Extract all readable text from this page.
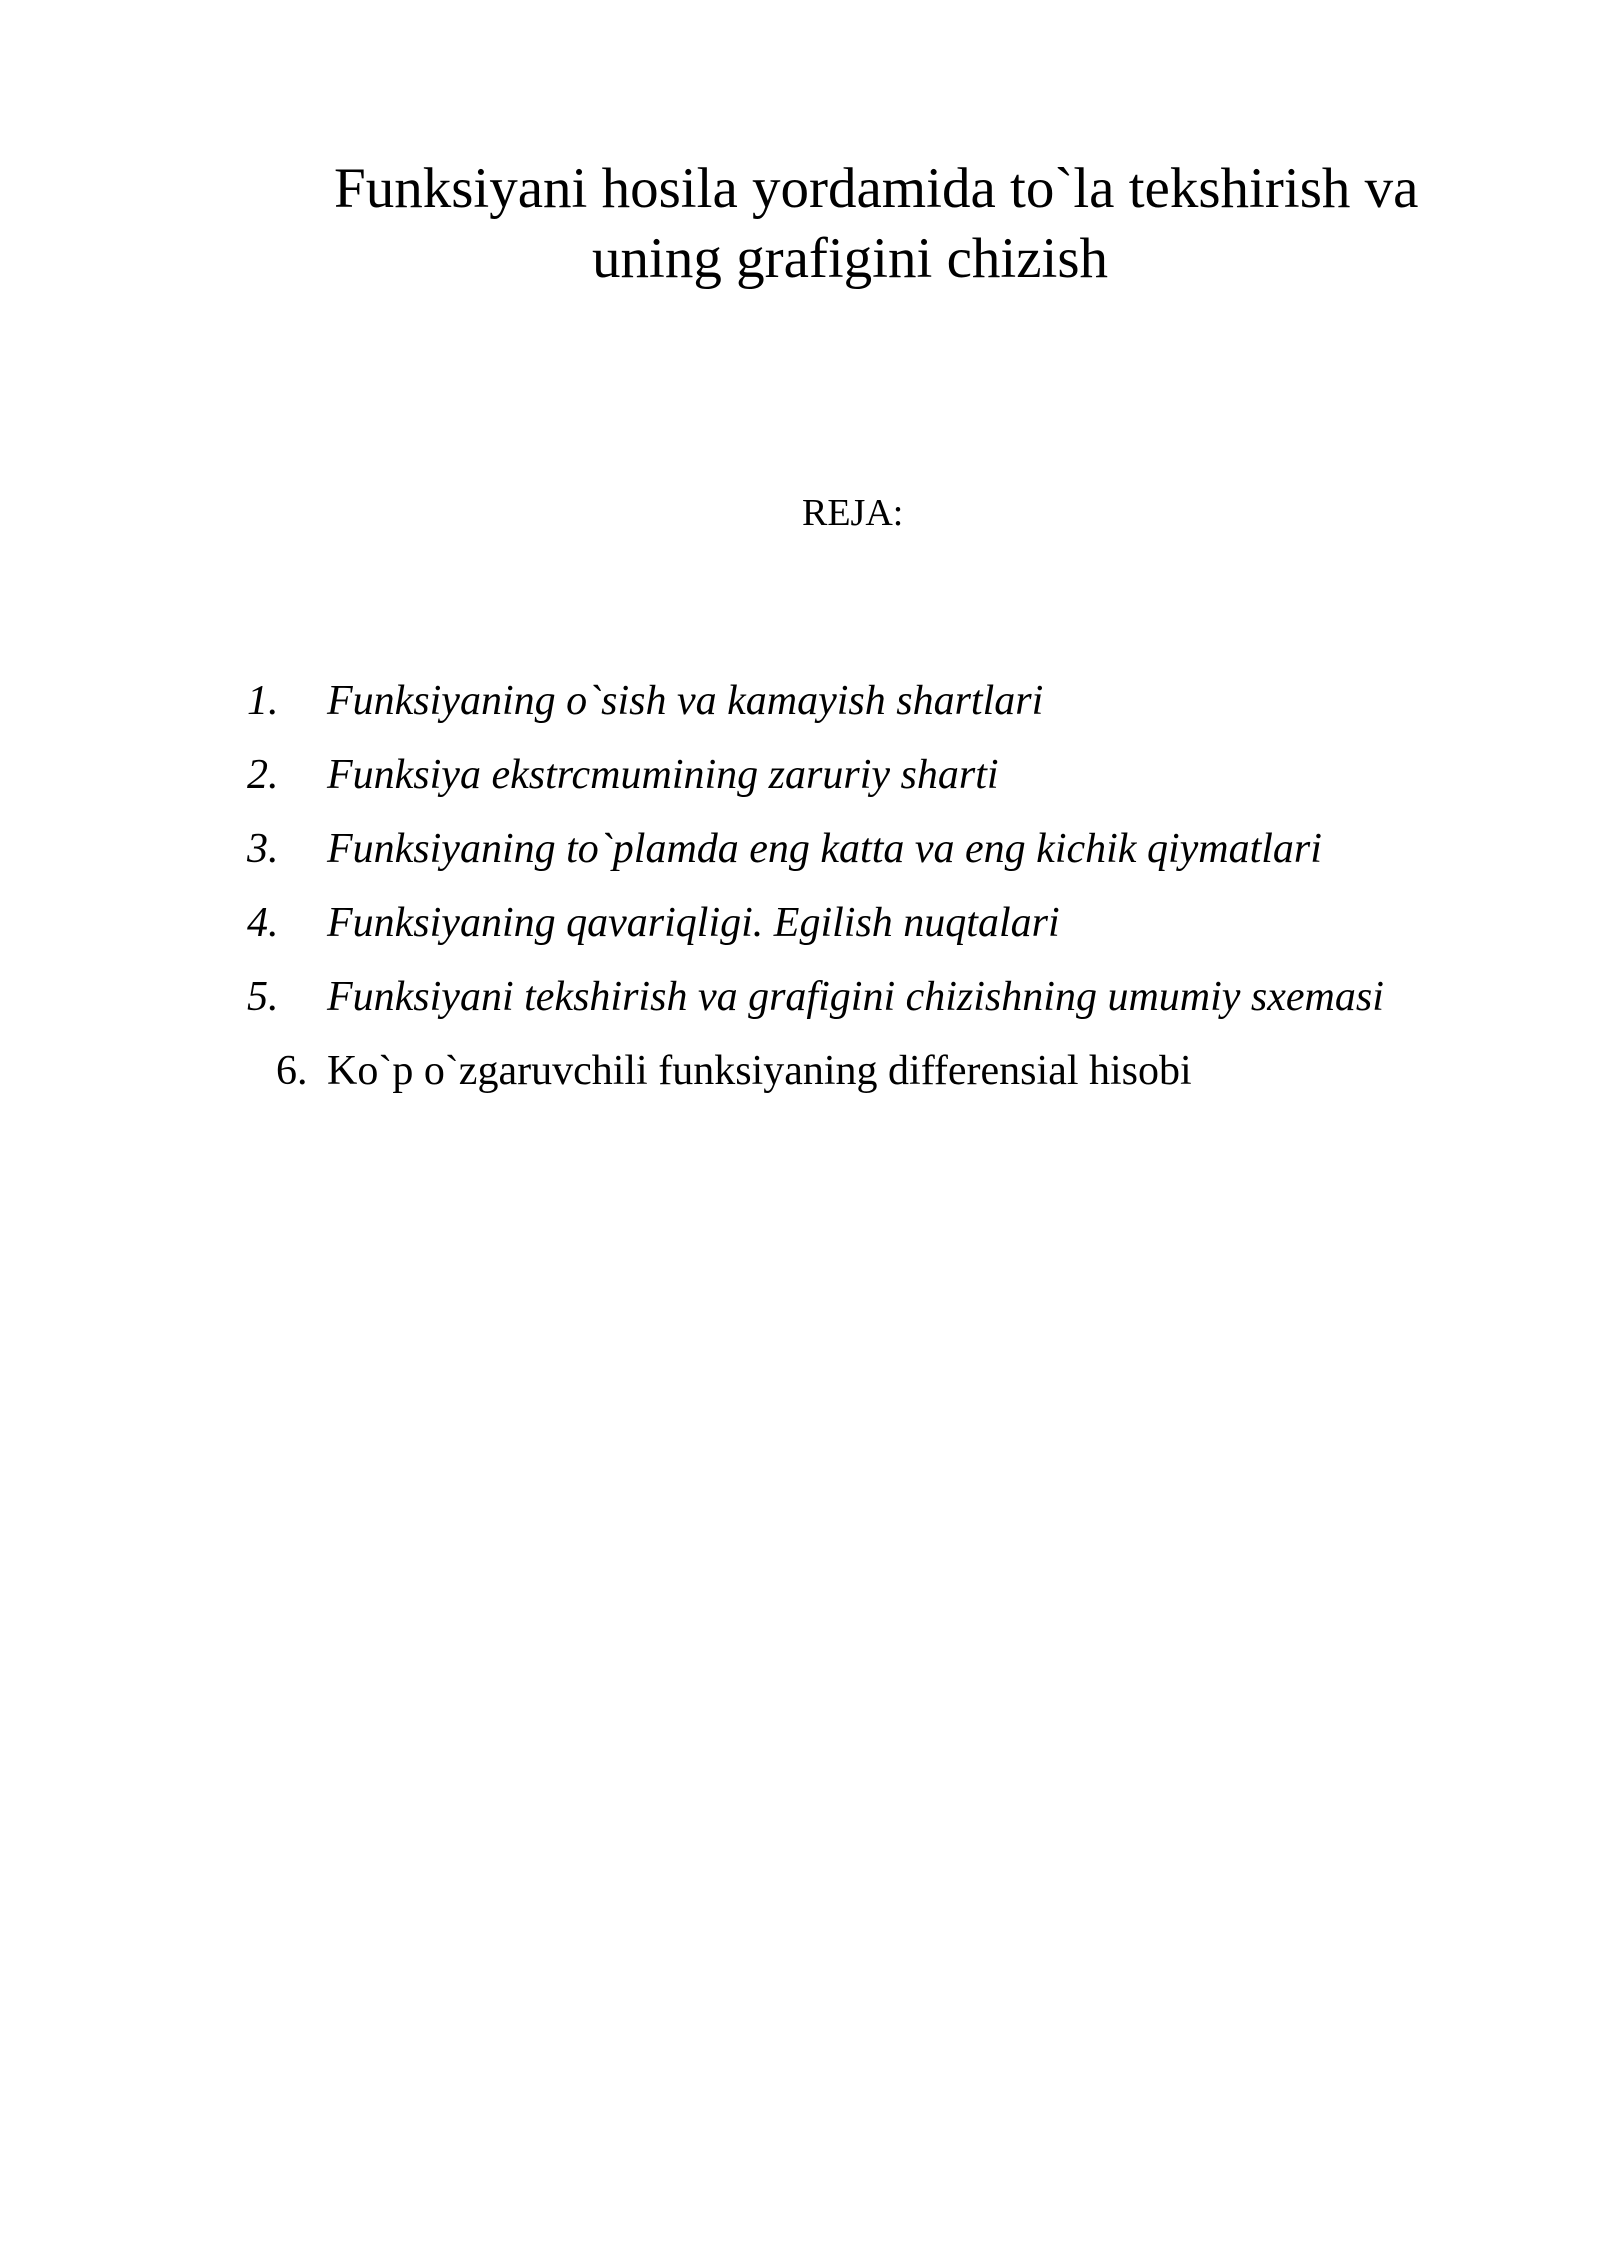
Funksiyani hosila yordamida to`la tekshirish va
uning grafigini chizish
REJA:
1. Funksiyaning o`sish va kamayish shartlari
2. Funksiya ekstrcmumining zaruriy sharti
3. Funksiyaning to`plamda eng katta va eng kichik qiymatlari
4. Funksiyaning qavariqligi. Egilish nuqtalari
5. Funksiyani tekshirish va grafigini chizishning umumiy sxemasi
6. Ko`p o`zgaruvchili funksiyaning differensial hisobi
